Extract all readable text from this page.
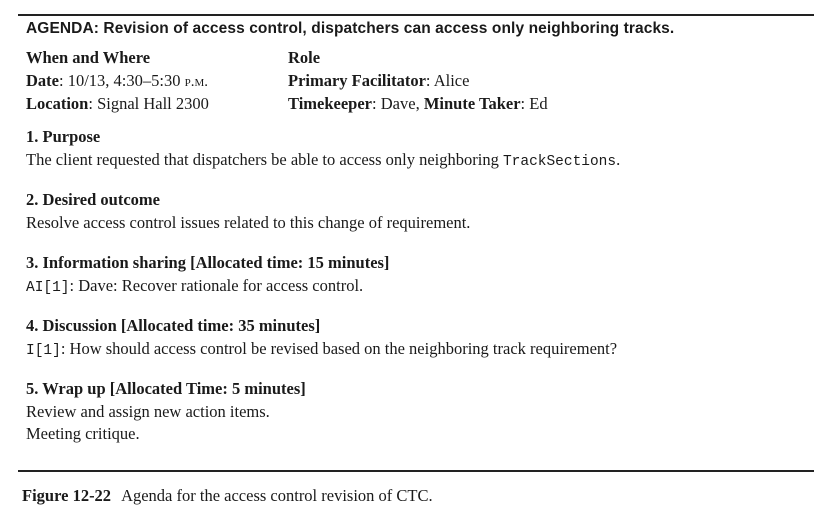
AGENDA: Revision of access control, dispatchers can access only neighboring tracks.
When and Where
Date: 10/13, 4:30–5:30 p.m.
Location: Signal Hall 2300
Role
Primary Facilitator: Alice
Timekeeper: Dave, Minute Taker: Ed
1. Purpose
The client requested that dispatchers be able to access only neighboring TrackSections.
2. Desired outcome
Resolve access control issues related to this change of requirement.
3. Information sharing [Allocated time: 15 minutes]
AI[1]: Dave: Recover rationale for access control.
4. Discussion [Allocated time: 35 minutes]
I[1]: How should access control be revised based on the neighboring track requirement?
5. Wrap up [Allocated Time: 5 minutes]
Review and assign new action items.
Meeting critique.
Figure 12-22 Agenda for the access control revision of CTC.
